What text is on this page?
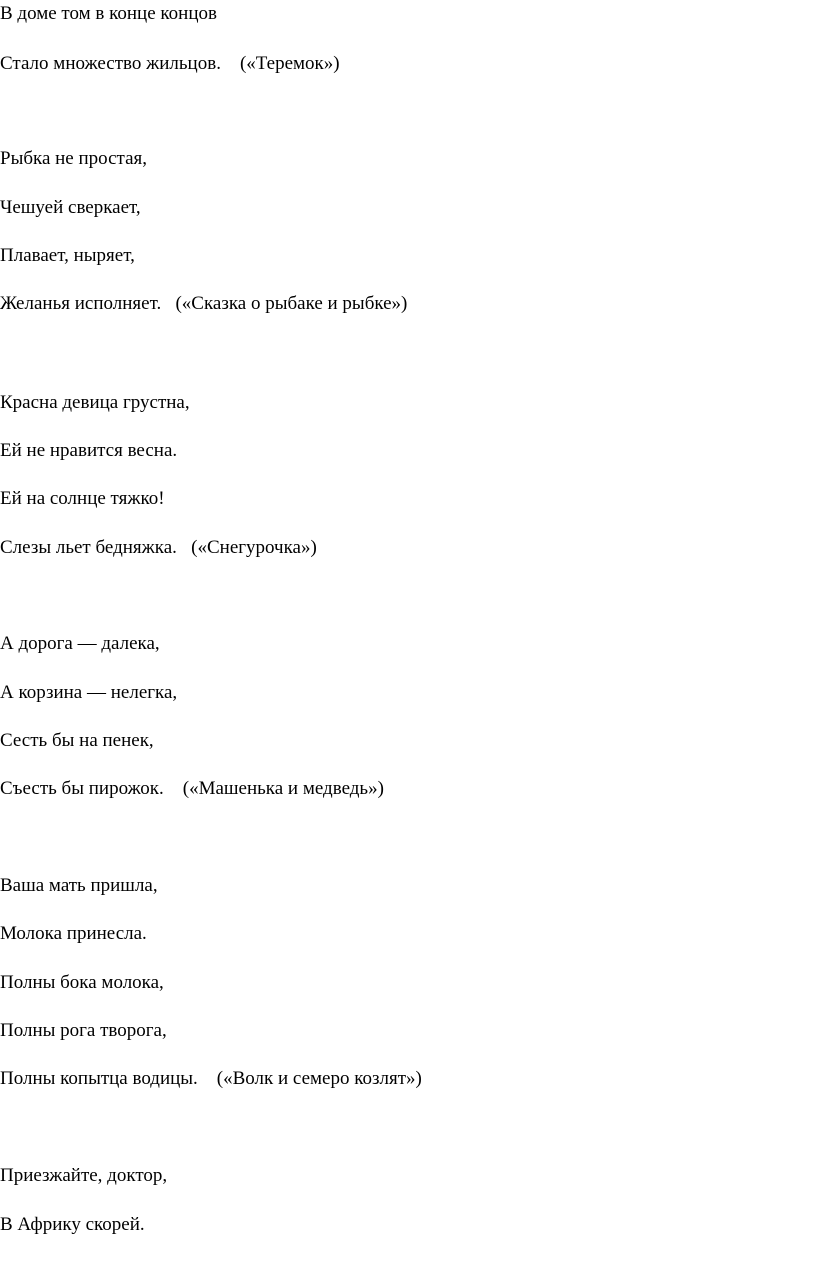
В доме том в конце концов
Стало множество жильцов.    («Теремок»)
Рыбка не простая,
Чешуей сверкает,
Плавает, ныряет,
Желанья исполняет.   («Сказка о рыбаке и рыбке»)
Красна девица грустна,
Ей не нравится весна.
Ей на солнце тяжко!
Слезы льет бедняжка.   («Снегурочка»)
А дорога — далека,
А корзина — нелегка,
Сесть бы на пенек,
Съесть бы пирожок.    («Машенька и медведь»)
Ваша мать пришла,
Молока принесла.
Полны бока молока,
Полны рога творога,
Полны копытца водицы.    («Волк и семеро козлят»)
Приезжайте, доктор,
В Африку скорей.
